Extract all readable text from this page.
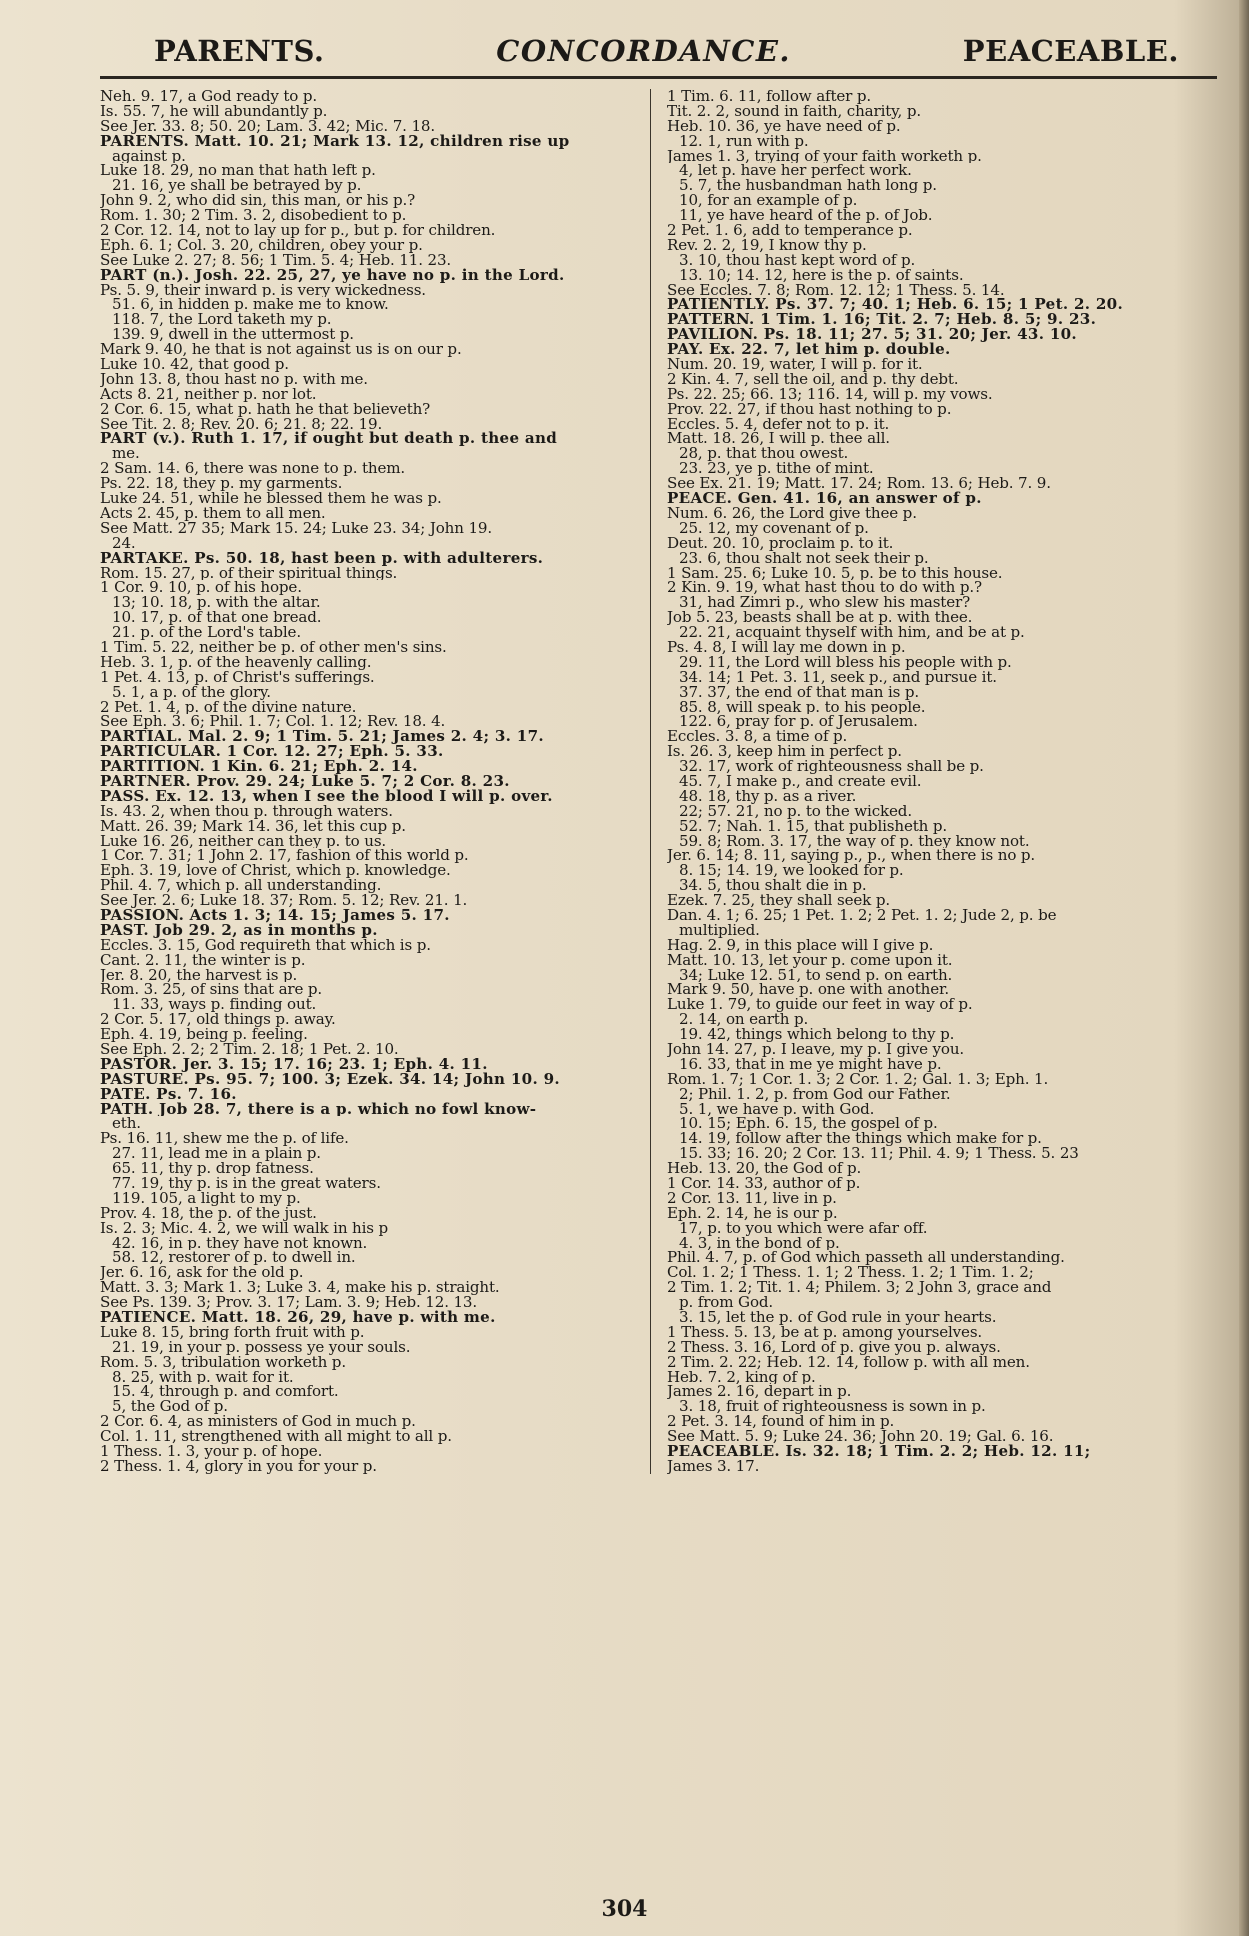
PARENTS.	CONCORDANCE.	PEACEABLE.
Neh. 9. 17, a God ready to p.
Is. 55. 7, he will abundantly p.
See Jer. 33. 8; 50. 20; Lam. 3. 42; Mic. 7. 18.
PARENTS. Matt. 10. 21; Mark 13. 12, children rise up
against p.
Luke 18. 29, no man that hath left p.
21. 16, ye shall be betrayed by p.
John 9. 2, who did sin, this man, or his p.?
Rom. 1. 30; 2 Tim. 3. 2, disobedient to p.
2 Cor. 12. 14, not to lay up for p., but p. for children.
Eph. 6. 1; Col. 3. 20, children, obey your p.
See Luke 2. 27; 8. 56; 1 Tim. 5. 4; Heb. 11. 23.
PART (n.). Josh. 22. 25, 27, ye have no p. in the Lord.
Ps. 5. 9, their inward p. is very wickedness.
51. 6, in hidden p. make me to know.
118. 7, the Lord taketh my p.
139. 9, dwell in the uttermost p.
Mark 9. 40, he that is not against us is on our p.
Luke 10. 42, that good p.
John 13. 8, thou hast no p. with me.
Acts 8. 21, neither p. nor lot.
2 Cor. 6. 15, what p. hath he that believeth?
See Tit. 2. 8; Rev. 20. 6; 21. 8; 22. 19.
PART (v.). Ruth 1. 17, if ought but death p. thee and
me.
2 Sam. 14. 6, there was none to p. them.
Ps. 22. 18, they p. my garments.
Luke 24. 51, while he blessed them he was p.
Acts 2. 45, p. them to all men.
See Matt. 27 35; Mark 15. 24; Luke 23. 34; John 19.
24.
PARTAKE. Ps. 50. 18, hast been p. with adulterers.
Rom. 15. 27, p. of their spiritual things.
1 Cor. 9. 10, p. of his hope.
13; 10. 18, p. with the altar.
10. 17, p. of that one bread.
21. p. of the Lord's table.
1 Tim. 5. 22, neither be p. of other men's sins.
Heb. 3. 1, p. of the heavenly calling.
1 Pet. 4. 13, p. of Christ's sufferings.
5. 1, a p. of the glory.
2 Pet. 1. 4, p. of the divine nature.
See Eph. 3. 6; Phil. 1. 7; Col. 1. 12; Rev. 18. 4.
PARTIAL. Mal. 2. 9; 1 Tim. 5. 21; James 2. 4; 3. 17.
PARTICULAR. 1 Cor. 12. 27; Eph. 5. 33.
PARTITION. 1 Kin. 6. 21; Eph. 2. 14.
PARTNER. Prov. 29. 24; Luke 5. 7; 2 Cor. 8. 23.
PASS. Ex. 12. 13, when I see the blood I will p. over.
Is. 43. 2, when thou p. through waters.
Matt. 26. 39; Mark 14. 36, let this cup p.
Luke 16. 26, neither can they p. to us.
1 Cor. 7. 31; 1 John 2. 17, fashion of this world p.
Eph. 3. 19, love of Christ, which p. knowledge.
Phil. 4. 7, which p. all understanding.
See Jer. 2. 6; Luke 18. 37; Rom. 5. 12; Rev. 21. 1.
PASSION. Acts 1. 3; 14. 15; James 5. 17.
PAST. Job 29. 2, as in months p.
Eccles. 3. 15, God requireth that which is p.
Cant. 2. 11, the winter is p.
Jer. 8. 20, the harvest is p.
Rom. 3. 25, of sins that are p.
11. 33, ways p. finding out.
2 Cor. 5. 17, old things p. away.
Eph. 4. 19, being p. feeling.
See Eph. 2. 2; 2 Tim. 2. 18; 1 Pet. 2. 10.
PASTOR. Jer. 3. 15; 17. 16; 23. 1; Eph. 4. 11.
PASTURE. Ps. 95. 7; 100. 3; Ezek. 34. 14; John 10. 9.
PATE. Ps. 7. 16.
PATH. Job 28. 7, there is a p. which no fowl know-
eth.
Ps. 16. 11, shew me the p. of life.
27. 11, lead me in a plain p.
65. 11, thy p. drop fatness.
77. 19, thy p. is in the great waters.
119. 105, a light to my p.
Prov. 4. 18, the p. of the just.
Is. 2. 3; Mic. 4. 2, we will walk in his p
42. 16, in p. they have not known.
58. 12, restorer of p. to dwell in.
Jer. 6. 16, ask for the old p.
Matt. 3. 3; Mark 1. 3; Luke 3. 4, make his p. straight.
See Ps. 139. 3; Prov. 3. 17; Lam. 3. 9; Heb. 12. 13.
PATIENCE. Matt. 18. 26, 29, have p. with me.
Luke 8. 15, bring forth fruit with p.
21. 19, in your p. possess ye your souls.
Rom. 5. 3, tribulation worketh p.
8. 25, with p. wait for it.
15. 4, through p. and comfort.
5, the God of p.
2 Cor. 6. 4, as ministers of God in much p.
Col. 1. 11, strengthened with all might to all p.
1 Thess. 1. 3, your p. of hope.
2 Thess. 1. 4, glory in you for your p.
1 Tim. 6. 11, follow after p.
Tit. 2. 2, sound in faith, charity, p.
Heb. 10. 36, ye have need of p.
12. 1, run with p.
James 1. 3, trying of your faith worketh p.
4, let p. have her perfect work.
5. 7, the husbandman hath long p.
10, for an example of p.
11, ye have heard of the p. of Job.
2 Pet. 1. 6, add to temperance p.
Rev. 2. 2, 19, I know thy p.
3. 10, thou hast kept word of p.
13. 10; 14. 12, here is the p. of saints.
See Eccles. 7. 8; Rom. 12. 12; 1 Thess. 5. 14.
PATIENTLY. Ps. 37. 7; 40. 1; Heb. 6. 15; 1 Pet. 2. 20.
PATTERN. 1 Tim. 1. 16; Tit. 2. 7; Heb. 8. 5; 9. 23.
PAVILION. Ps. 18. 11; 27. 5; 31. 20; Jer. 43. 10.
PAY. Ex. 22. 7, let him p. double.
Num. 20. 19, water, I will p. for it.
2 Kin. 4. 7, sell the oil, and p. thy debt.
Ps. 22. 25; 66. 13; 116. 14, will p. my vows.
Prov. 22. 27, if thou hast nothing to p.
Eccles. 5. 4, defer not to p. it.
Matt. 18. 26, I will p. thee all.
28, p. that thou owest.
23. 23, ye p. tithe of mint.
See Ex. 21. 19; Matt. 17. 24; Rom. 13. 6; Heb. 7. 9.
PEACE. Gen. 41. 16, an answer of p.
Num. 6. 26, the Lord give thee p.
25. 12, my covenant of p.
Deut. 20. 10, proclaim p. to it.
23. 6, thou shalt not seek their p.
1 Sam. 25. 6; Luke 10. 5, p. be to this house.
2 Kin. 9. 19, what hast thou to do with p.?
31, had Zimri p., who slew his master?
Job 5. 23, beasts shall be at p. with thee.
22. 21, acquaint thyself with him, and be at p.
Ps. 4. 8, I will lay me down in p.
29. 11, the Lord will bless his people with p.
34. 14; 1 Pet. 3. 11, seek p., and pursue it.
37. 37, the end of that man is p.
85. 8, will speak p. to his people.
122. 6, pray for p. of Jerusalem.
Eccles. 3. 8, a time of p.
Is. 26. 3, keep him in perfect p.
32. 17, work of righteousness shall be p.
45. 7, I make p., and create evil.
48. 18, thy p. as a river.
22; 57. 21, no p. to the wicked.
52. 7; Nah. 1. 15, that publisheth p.
59. 8; Rom. 3. 17, the way of p. they know not.
Jer. 6. 14; 8. 11, saying p., p., when there is no p.
8. 15; 14. 19, we looked for p.
34. 5, thou shalt die in p.
Ezek. 7. 25, they shall seek p.
Dan. 4. 1; 6. 25; 1 Pet. 1. 2; 2 Pet. 1. 2; Jude 2, p. be
multiplied.
Hag. 2. 9, in this place will I give p.
Matt. 10. 13, let your p. come upon it.
34; Luke 12. 51, to send p. on earth.
Mark 9. 50, have p. one with another.
Luke 1. 79, to guide our feet in way of p.
2. 14, on earth p.
19. 42, things which belong to thy p.
John 14. 27, p. I leave, my p. I give you.
16. 33, that in me ye might have p.
Rom. 1. 7; 1 Cor. 1. 3; 2 Cor. 1. 2; Gal. 1. 3; Eph. 1.
2; Phil. 1. 2, p. from God our Father.
5. 1, we have p. with God.
10. 15; Eph. 6. 15, the gospel of p.
14. 19, follow after the things which make for p.
15. 33; 16. 20; 2 Cor. 13. 11; Phil. 4. 9; 1 Thess. 5. 23
Heb. 13. 20, the God of p.
1 Cor. 14. 33, author of p.
2 Cor. 13. 11, live in p.
Eph. 2. 14, he is our p.
17, p. to you which were afar off.
4. 3, in the bond of p.
Phil. 4. 7, p. of God which passeth all understanding.
Col. 1. 2; 1 Thess. 1. 1; 2 Thess. 1. 2; 1 Tim. 1. 2;
2 Tim. 1. 2; Tit. 1. 4; Philem. 3; 2 John 3, grace and
p. from God.
3. 15, let the p. of God rule in your hearts.
1 Thess. 5. 13, be at p. among yourselves.
2 Thess. 3. 16, Lord of p. give you p. always.
2 Tim. 2. 22; Heb. 12. 14, follow p. with all men.
Heb. 7. 2, king of p.
James 2. 16, depart in p.
3. 18, fruit of righteousness is sown in p.
2 Pet. 3. 14, found of him in p.
See Matt. 5. 9; Luke 24. 36; John 20. 19; Gal. 6. 16.
PEACEABLE. Is. 32. 18; 1 Tim. 2. 2; Heb. 12. 11;
James 3. 17.
304
